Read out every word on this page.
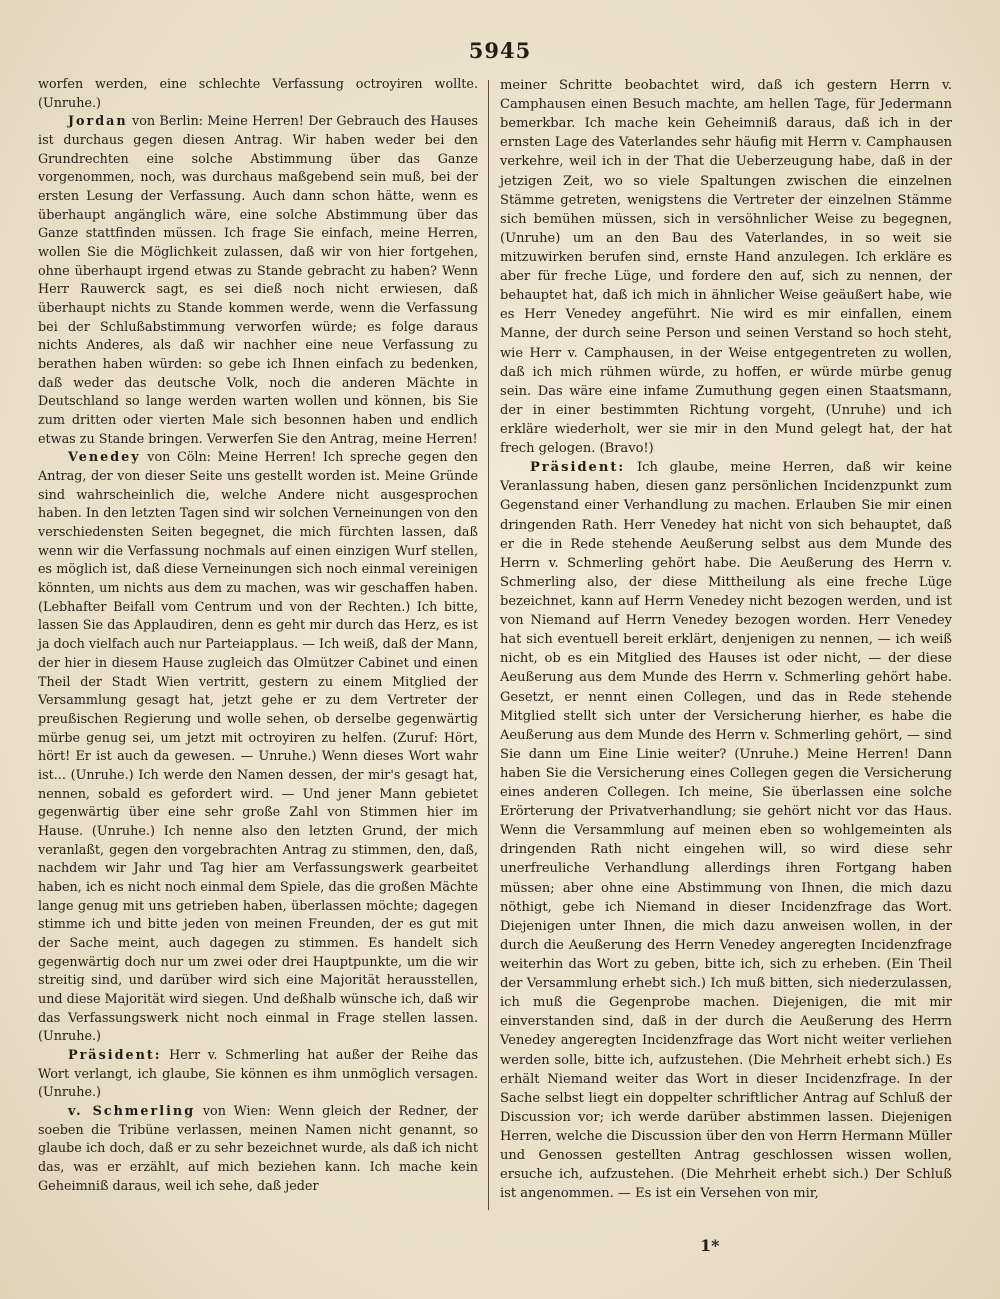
5945

worfen werden, eine schlechte Verfassung octroyiren wollte. (Unruhe.)

Jordan von Berlin: Meine Herren! Der Gebrauch des Hauses ist durchaus gegen diesen Antrag. Wir haben weder bei den Grundrechten eine solche Abstimmung über das Ganze vorgenommen, noch, was durchaus maßgebend sein muß, bei der ersten Lesung der Verfassung. Auch dann schon hätte, wenn es überhaupt angänglich wäre, eine solche Abstimmung über das Ganze stattfinden müssen. Ich frage Sie einfach, meine Herren, wollen Sie die Möglichkeit zulassen, daß wir von hier fortgehen, ohne überhaupt irgend etwas zu Stande gebracht zu haben? Wenn Herr Rauwerck sagt, es sei dieß noch nicht erwiesen, daß überhaupt nichts zu Stande kommen werde, wenn die Verfassung bei der Schlußabstimmung verworfen würde; es folge daraus nichts Anderes, als daß wir nachher eine neue Verfassung zu berathen haben würden: so gebe ich Ihnen einfach zu bedenken, daß weder das deutsche Volk, noch die anderen Mächte in Deutschland so lange werden warten wollen und können, bis Sie zum dritten oder vierten Male sich besonnen haben und endlich etwas zu Stande bringen. Verwerfen Sie den Antrag, meine Herren!

Venedey von Cöln: Meine Herren! Ich spreche gegen den Antrag, der von dieser Seite uns gestellt worden ist. Meine Gründe sind wahrscheinlich die, welche Andere nicht ausgesprochen haben. In den letzten Tagen sind wir solchen Verneinungen von den verschiedensten Seiten begegnet, die mich fürchten lassen, daß wenn wir die Verfassung nochmals auf einen einzigen Wurf stellen, es möglich ist, daß diese Verneinungen sich noch einmal vereinigen könnten, um nichts aus dem zu machen, was wir geschaffen haben. (Lebhafter Beifall vom Centrum und von der Rechten.) Ich bitte, lassen Sie das Applaudiren, denn es geht mir durch das Herz, es ist ja doch vielfach auch nur Parteiapplaus. — Ich weiß, daß der Mann, der hier in diesem Hause zugleich das Olmützer Cabinet und einen Theil der Stadt Wien vertritt, gestern zu einem Mitglied der Versammlung gesagt hat, jetzt gehe er zu dem Vertreter der preußischen Regierung und wolle sehen, ob derselbe gegenwärtig mürbe genug sei, um jetzt mit octroyiren zu helfen. (Zuruf: Hört, hört! Er ist auch da gewesen. — Unruhe.) Wenn dieses Wort wahr ist... (Unruhe.) Ich werde den Namen dessen, der mir's gesagt hat, nennen, sobald es gefordert wird. — Und jener Mann gebietet gegenwärtig über eine sehr große Zahl von Stimmen hier im Hause. (Unruhe.) Ich nenne also den letzten Grund, der mich veranlaßt, gegen den vorgebrachten Antrag zu stimmen, den, daß, nachdem wir Jahr und Tag hier am Verfassungswerk gearbeitet haben, ich es nicht noch einmal dem Spiele, das die großen Mächte lange genug mit uns getrieben haben, überlassen möchte; dagegen stimme ich und bitte jeden von meinen Freunden, der es gut mit der Sache meint, auch dagegen zu stimmen. Es handelt sich gegenwärtig doch nur um zwei oder drei Hauptpunkte, um die wir streitig sind, und darüber wird sich eine Majorität herausstellen, und diese Majorität wird siegen. Und deßhalb wünsche ich, daß wir das Verfassungswerk nicht noch einmal in Frage stellen lassen. (Unruhe.)

Präsident: Herr v. Schmerling hat außer der Reihe das Wort verlangt, ich glaube, Sie können es ihm unmöglich versagen. (Unruhe.)

v. Schmerling von Wien: Wenn gleich der Redner, der soeben die Tribüne verlassen, meinen Namen nicht genannt, so glaube ich doch, daß er zu sehr bezeichnet wurde, als daß ich nicht das, was er erzählt, auf mich beziehen kann. Ich mache kein Geheimniß daraus, weil ich sehe, daß jeder

meiner Schritte beobachtet wird, daß ich gestern Herrn v. Camphausen einen Besuch machte, am hellen Tage, für Jedermann bemerkbar. Ich mache kein Geheimniß daraus, daß ich in der ernsten Lage des Vaterlandes sehr häufig mit Herrn v. Camphausen verkehre, weil ich in der That die Ueberzeugung habe, daß in der jetzigen Zeit, wo so viele Spaltungen zwischen die einzelnen Stämme getreten, wenigstens die Vertreter der einzelnen Stämme sich bemühen müssen, sich in versöhnlicher Weise zu begegnen, (Unruhe) um an den Bau des Vaterlandes, in so weit sie mitzuwirken berufen sind, ernste Hand anzulegen. Ich erkläre es aber für freche Lüge, und fordere den auf, sich zu nennen, der behauptet hat, daß ich mich in ähnlicher Weise geäußert habe, wie es Herr Venedey angeführt. Nie wird es mir einfallen, einem Manne, der durch seine Person und seinen Verstand so hoch steht, wie Herr v. Camphausen, in der Weise entgegentreten zu wollen, daß ich mich rühmen würde, zu hoffen, er würde mürbe genug sein. Das wäre eine infame Zumuthung gegen einen Staatsmann, der in einer bestimmten Richtung vorgeht, (Unruhe) und ich erkläre wiederholt, wer sie mir in den Mund gelegt hat, der hat frech gelogen. (Bravo!)

Präsident: Ich glaube, meine Herren, daß wir keine Veranlassung haben, diesen ganz persönlichen Incidenzpunkt zum Gegenstand einer Verhandlung zu machen. Erlauben Sie mir einen dringenden Rath. Herr Venedey hat nicht von sich behauptet, daß er die in Rede stehende Aeußerung selbst aus dem Munde des Herrn v. Schmerling gehört habe. Die Aeußerung des Herrn v. Schmerling also, der diese Mittheilung als eine freche Lüge bezeichnet, kann auf Herrn Venedey nicht bezogen werden, und ist von Niemand auf Herrn Venedey bezogen worden. Herr Venedey hat sich eventuell bereit erklärt, denjenigen zu nennen, — ich weiß nicht, ob es ein Mitglied des Hauses ist oder nicht, — der diese Aeußerung aus dem Munde des Herrn v. Schmerling gehört habe. Gesetzt, er nennt einen Collegen, und das in Rede stehende Mitglied stellt sich unter der Versicherung hierher, es habe die Aeußerung aus dem Munde des Herrn v. Schmerling gehört, — sind Sie dann um Eine Linie weiter? (Unruhe.) Meine Herren! Dann haben Sie die Versicherung eines Collegen gegen die Versicherung eines anderen Collegen. Ich meine, Sie überlassen eine solche Erörterung der Privatverhandlung; sie gehört nicht vor das Haus. Wenn die Versammlung auf meinen eben so wohlgemeinten als dringenden Rath nicht eingehen will, so wird diese sehr unerfreuliche Verhandlung allerdings ihren Fortgang haben müssen; aber ohne eine Abstimmung von Ihnen, die mich dazu nöthigt, gebe ich Niemand in dieser Incidenzfrage das Wort. Diejenigen unter Ihnen, die mich dazu anweisen wollen, in der durch die Aeußerung des Herrn Venedey angeregten Incidenzfrage weiterhin das Wort zu geben, bitte ich, sich zu erheben. (Ein Theil der Versammlung erhebt sich.) Ich muß bitten, sich niederzulassen, ich muß die Gegenprobe machen. Diejenigen, die mit mir einverstanden sind, daß in der durch die Aeußerung des Herrn Venedey angeregten Incidenzfrage das Wort nicht weiter verliehen werden solle, bitte ich, aufzustehen. (Die Mehrheit erhebt sich.) Es erhält Niemand weiter das Wort in dieser Incidenzfrage. In der Sache selbst liegt ein doppelter schriftlicher Antrag auf Schluß der Discussion vor; ich werde darüber abstimmen lassen. Diejenigen Herren, welche die Discussion über den von Herrn Hermann Müller und Genossen gestellten Antrag geschlossen wissen wollen, ersuche ich, aufzustehen. (Die Mehrheit erhebt sich.) Der Schluß ist angenommen. — Es ist ein Versehen von mir,

1*
